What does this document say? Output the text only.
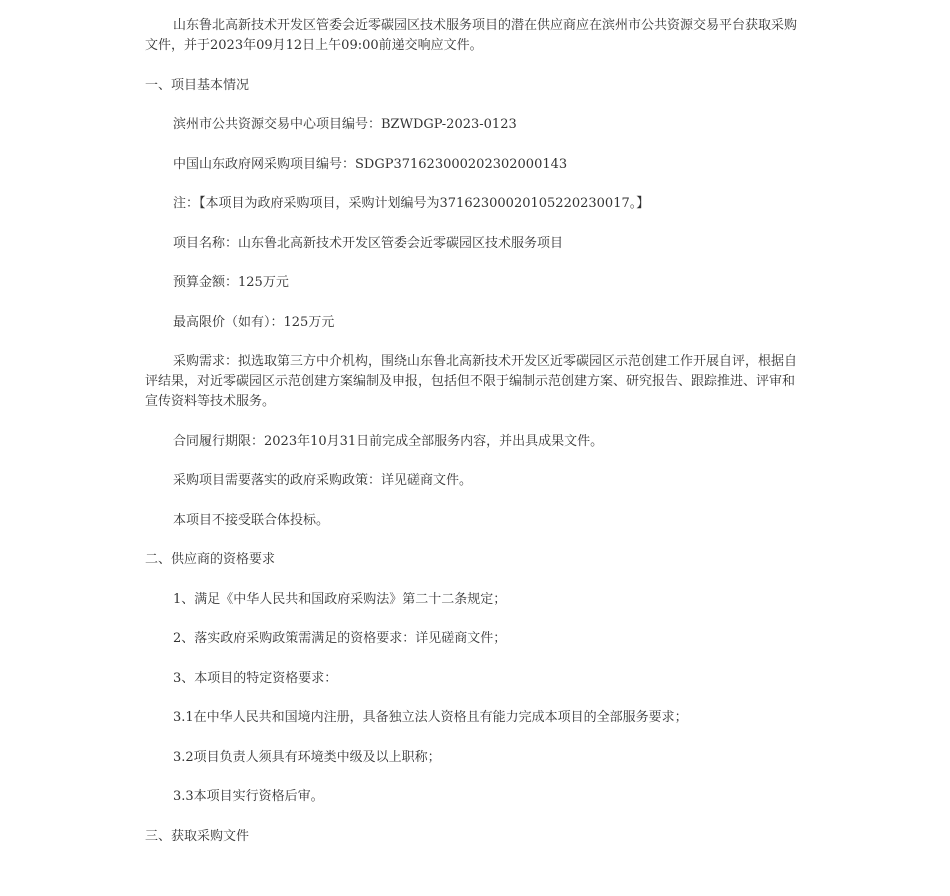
山东鲁北高新技术开发区管委会近零碳园区技术服务项目的潜在供应商应在滨州市公共资源交易平台获取采购文件，并于2023年09月12日上午09:00前递交响应文件。

一、项目基本情况

滨州市公共资源交易中心项目编号：BZWDGP-2023-0123

中国山东政府网采购项目编号：SDGP371623000202302000143

注：【本项目为政府采购项目，采购计划编号为37162300020105220230017。】

项目名称：山东鲁北高新技术开发区管委会近零碳园区技术服务项目

预算金额：125万元

最高限价（如有）：125万元

采购需求：拟选取第三方中介机构，围绕山东鲁北高新技术开发区近零碳园区示范创建工作开展自评，根据自评结果，对近零碳园区示范创建方案编制及申报，包括但不限于编制示范创建方案、研究报告、跟踪推进、评审和宣传资料等技术服务。

合同履行期限：2023年10月31日前完成全部服务内容，并出具成果文件。

采购项目需要落实的政府采购政策：详见磋商文件。

本项目不接受联合体投标。

二、供应商的资格要求

1、满足《中华人民共和国政府采购法》第二十二条规定；

2、落实政府采购政策需满足的资格要求：详见磋商文件；

3、本项目的特定资格要求：

3.1在中华人民共和国境内注册，具备独立法人资格且有能力完成本项目的全部服务要求；

3.2项目负责人须具有环境类中级及以上职称；

3.3本项目实行资格后审。

三、获取采购文件
